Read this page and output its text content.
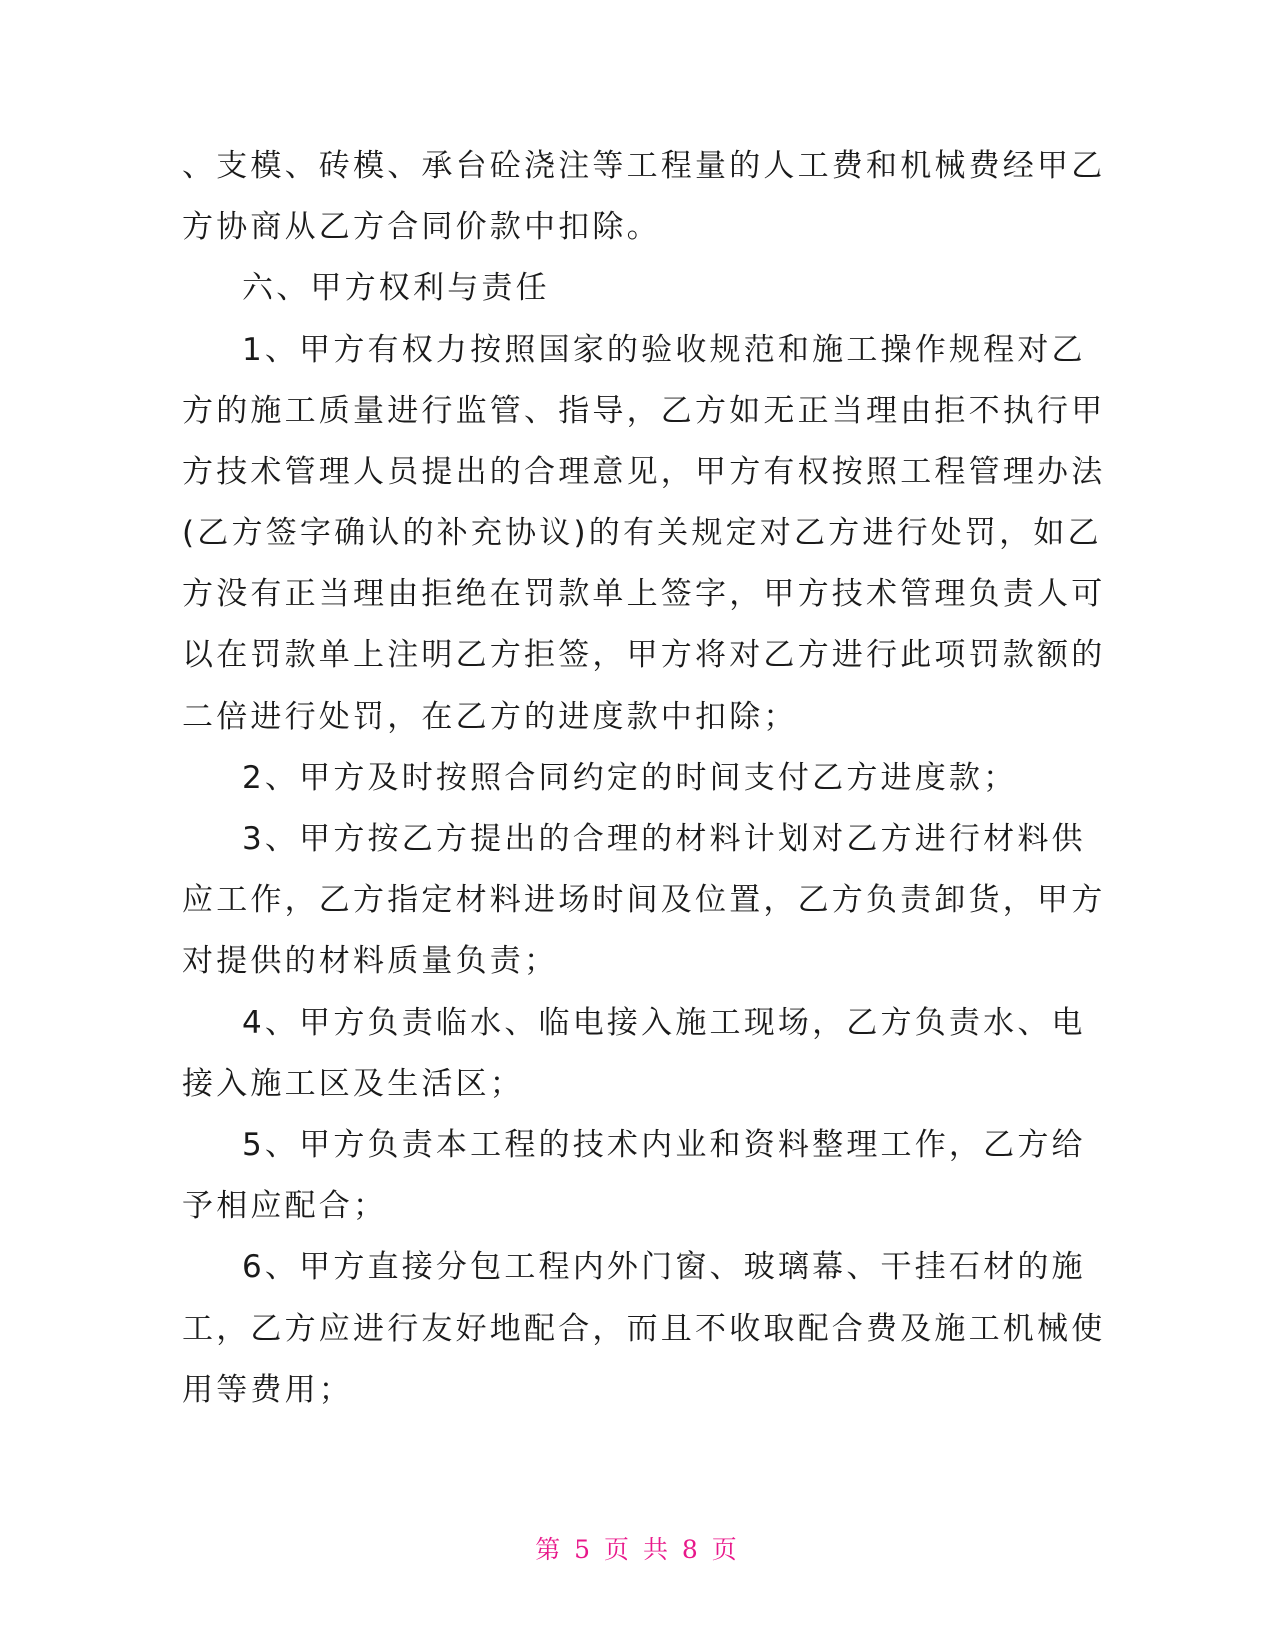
、支模、砖模、承台砼浇注等工程量的人工费和机械费经甲乙

方协商从乙方合同价款中扣除。

六、甲方权利与责任

1、甲方有权力按照国家的验收规范和施工操作规程对乙

方的施工质量进行监管、指导，乙方如无正当理由拒不执行甲

方技术管理人员提出的合理意见，甲方有权按照工程管理办法

(乙方签字确认的补充协议)的有关规定对乙方进行处罚，如乙

方没有正当理由拒绝在罚款单上签字，甲方技术管理负责人可

以在罚款单上注明乙方拒签，甲方将对乙方进行此项罚款额的

二倍进行处罚，在乙方的进度款中扣除；

2、甲方及时按照合同约定的时间支付乙方进度款；

3、甲方按乙方提出的合理的材料计划对乙方进行材料供

应工作，乙方指定材料进场时间及位置，乙方负责卸货，甲方

对提供的材料质量负责；

4、甲方负责临水、临电接入施工现场，乙方负责水、电

接入施工区及生活区；

5、甲方负责本工程的技术内业和资料整理工作，乙方给

予相应配合；

6、甲方直接分包工程内外门窗、玻璃幕、干挂石材的施

工，乙方应进行友好地配合，而且不收取配合费及施工机械使

用等费用；

第 5 页 共 8 页
